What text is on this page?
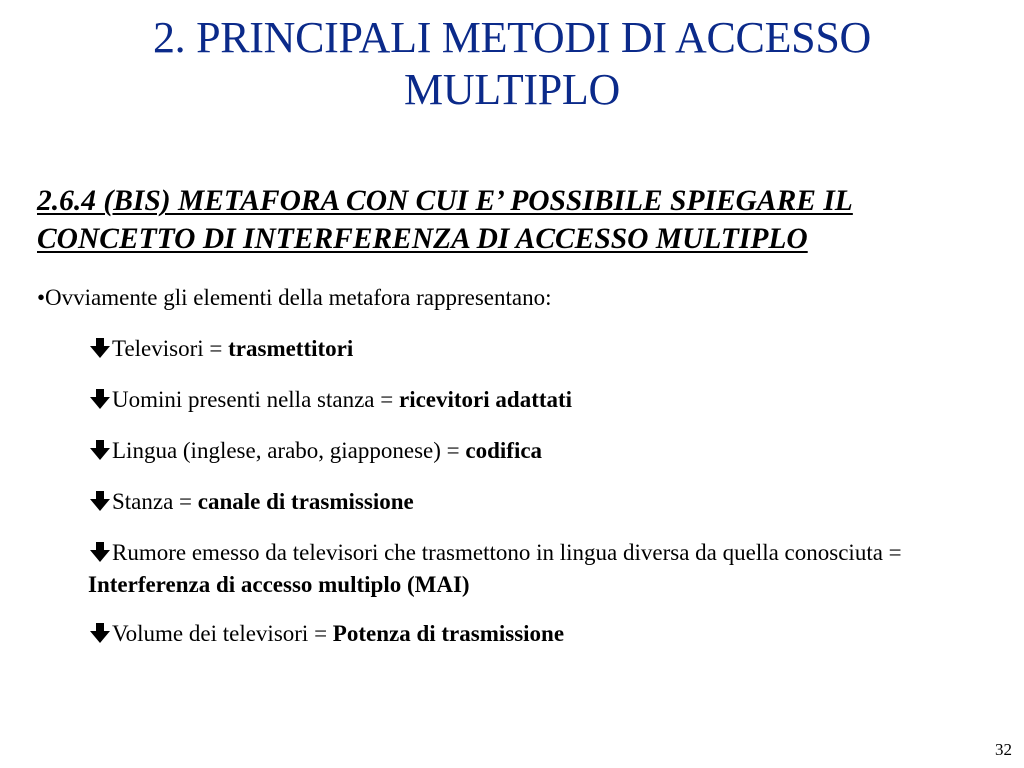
2. PRINCIPALI METODI DI ACCESSO
MULTIPLO
2.6.4 (BIS) METAFORA CON CUI E’ POSSIBILE SPIEGARE IL
CONCETTO DI INTERFERENZA DI ACCESSO MULTIPLO
•Ovviamente gli elementi della metafora rappresentano:
Televisori = trasmettitori
Uomini presenti nella stanza = ricevitori adattati
Lingua (inglese, arabo, giapponese) = codifica
Stanza = canale di trasmissione
Rumore emesso da televisori che trasmettono in lingua diversa da quella conosciuta = Interferenza di accesso multiplo (MAI)
Volume dei televisori = Potenza di trasmissione
32
